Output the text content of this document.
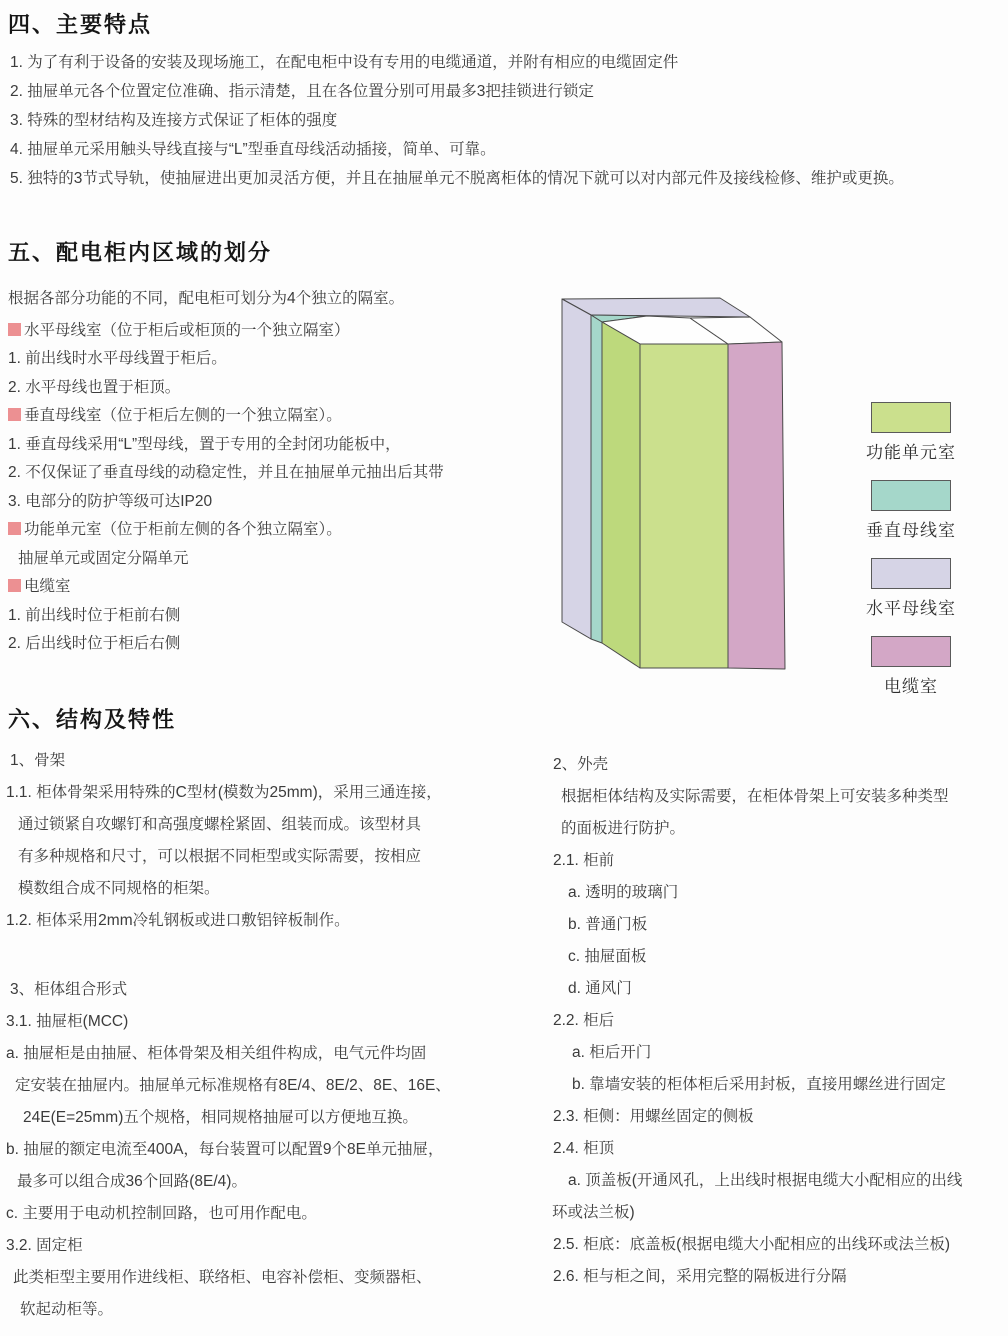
四、主要特点
1. 为了有利于设备的安装及现场施工，在配电柜中设有专用的电缆通道，并附有相应的电缆固定件
2. 抽屉单元各个位置定位准确、指示清楚，且在各位置分别可用最多3把挂锁进行锁定
3. 特殊的型材结构及连接方式保证了柜体的强度
4. 抽屉单元采用触头导线直接与“L”型垂直母线活动插接，简单、可靠。
5. 独特的3节式导轨，使抽屉进出更加灵活方便，并且在抽屉单元不脱离柜体的情况下就可以对内部元件及接线检修、维护或更换。
五、配电柜内区域的划分
根据各部分功能的不同，配电柜可划分为4个独立的隔室。
水平母线室（位于柜后或柜顶的一个独立隔室）
1. 前出线时水平母线置于柜后。
2. 水平母线也置于柜顶。
垂直母线室（位于柜后左侧的一个独立隔室）。
1. 垂直母线采用“L”型母线，置于专用的全封闭功能板中，
2. 不仅保证了垂直母线的动稳定性，并且在抽屉单元抽出后其带
3. 电部分的防护等级可达IP20
功能单元室（位于柜前左侧的各个独立隔室）。
抽屉单元或固定分隔单元
电缆室
1. 前出线时位于柜前右侧
2. 后出线时位于柜后右侧
功能单元室
垂直母线室
水平母线室
电缆室
六、结构及特性
1、骨架
1.1. 柜体骨架采用特殊的C型材(模数为25mm)，采用三通连接，
通过锁紧自攻螺钉和高强度螺栓紧固、组装而成。该型材具
有多种规格和尺寸，可以根据不同柜型或实际需要，按相应
模数组合成不同规格的柜架。
1.2. 柜体采用2mm冷轧钢板或进口敷铝锌板制作。
3、柜体组合形式
3.1. 抽屉柜(MCC)
a. 抽屉柜是由抽屉、柜体骨架及相关组件构成，电气元件均固
定安装在抽屉内。抽屉单元标准规格有8E/4、8E/2、8E、16E、
24E(E=25mm)五个规格，相同规格抽屉可以方便地互换。
b. 抽屉的额定电流至400A，每台装置可以配置9个8E单元抽屉，
最多可以组合成36个回路(8E/4)。
c. 主要用于电动机控制回路，也可用作配电。
3.2. 固定柜
此类柜型主要用作进线柜、联络柜、电容补偿柜、变频器柜、
软起动柜等。
2、外壳
根据柜体结构及实际需要，在柜体骨架上可安装多种类型
的面板进行防护。
2.1. 柜前
a. 透明的玻璃门
b. 普通门板
c. 抽屉面板
d. 通风门
2.2. 柜后
a. 柜后开门
b. 靠墙安装的柜体柜后采用封板，直接用螺丝进行固定
2.3. 柜侧：用螺丝固定的侧板
2.4. 柜顶
a. 顶盖板(开通风孔，上出线时根据电缆大小配相应的出线
环或法兰板)
2.5. 柜底：底盖板(根据电缆大小配相应的出线环或法兰板)
2.6. 柜与柜之间，采用完整的隔板进行分隔
